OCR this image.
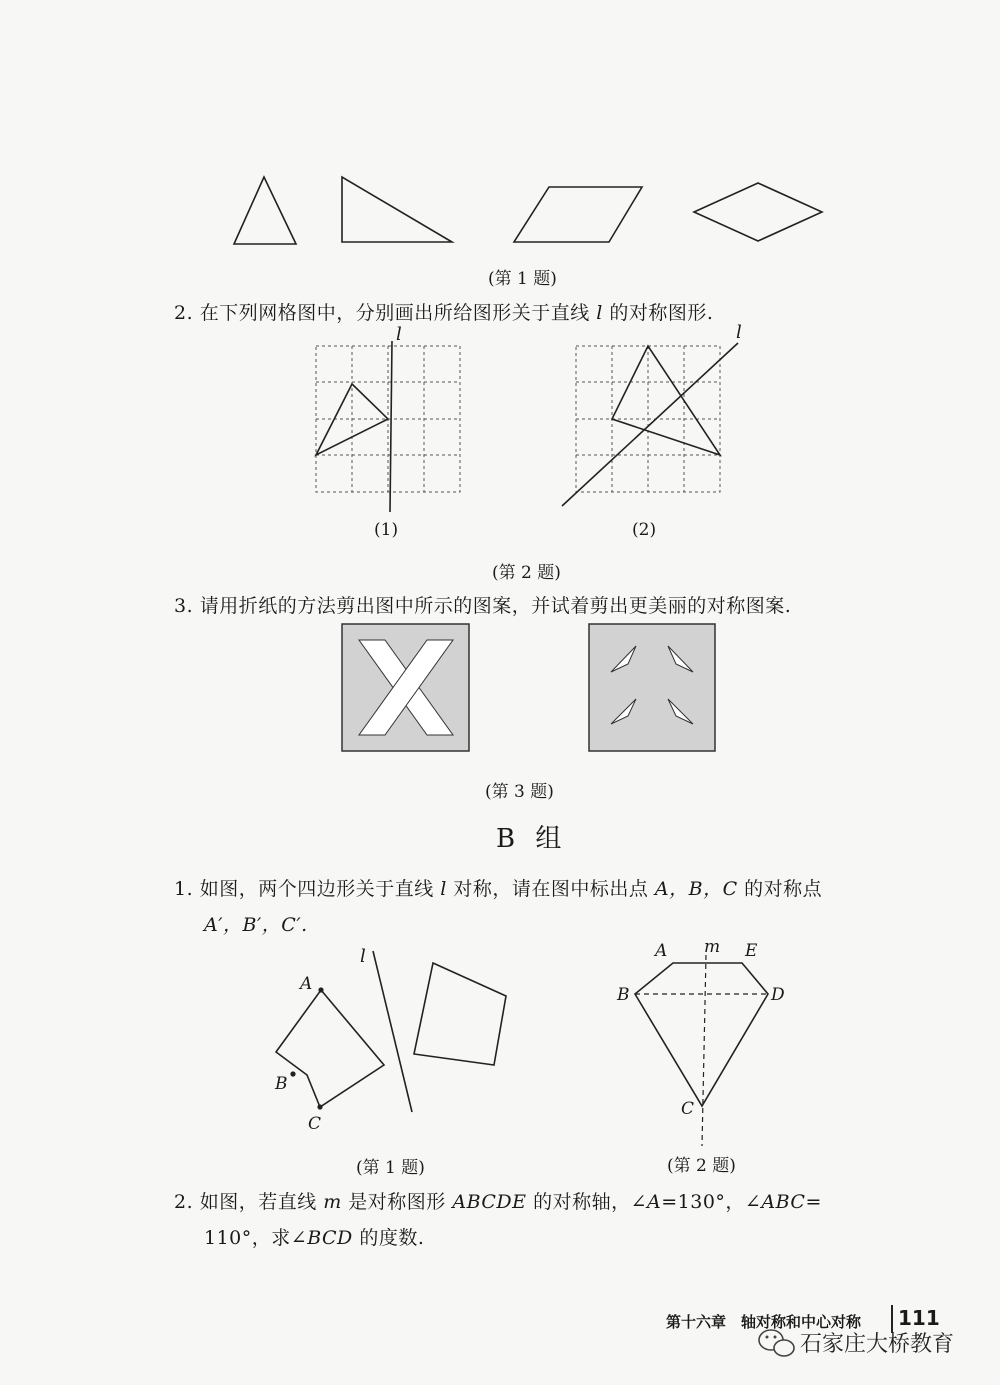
(第 1 题)
2. 在下列网格图中，分别画出所给图形关于直线 l 的对称图形.
l
(1)
l
(2)
(第 2 题)
3. 请用折纸的方法剪出图中所示的图案，并试着剪出更美丽的对称图案.
(第 3 题)
B 组
1. 如图，两个四边形关于直线 l 对称，请在图中标出点 A，B，C 的对称点
A′，B′，C′.
l
A
B
C
(第 1 题)
m
A	E
B	D
C
(第 2 题)
2. 如图，若直线 m 是对称图形 ABCDE 的对称轴，∠A=130°，∠ABC=
110°，求∠BCD 的度数.
第十六章　轴对称和中心对称 111
石家庄大桥教育
